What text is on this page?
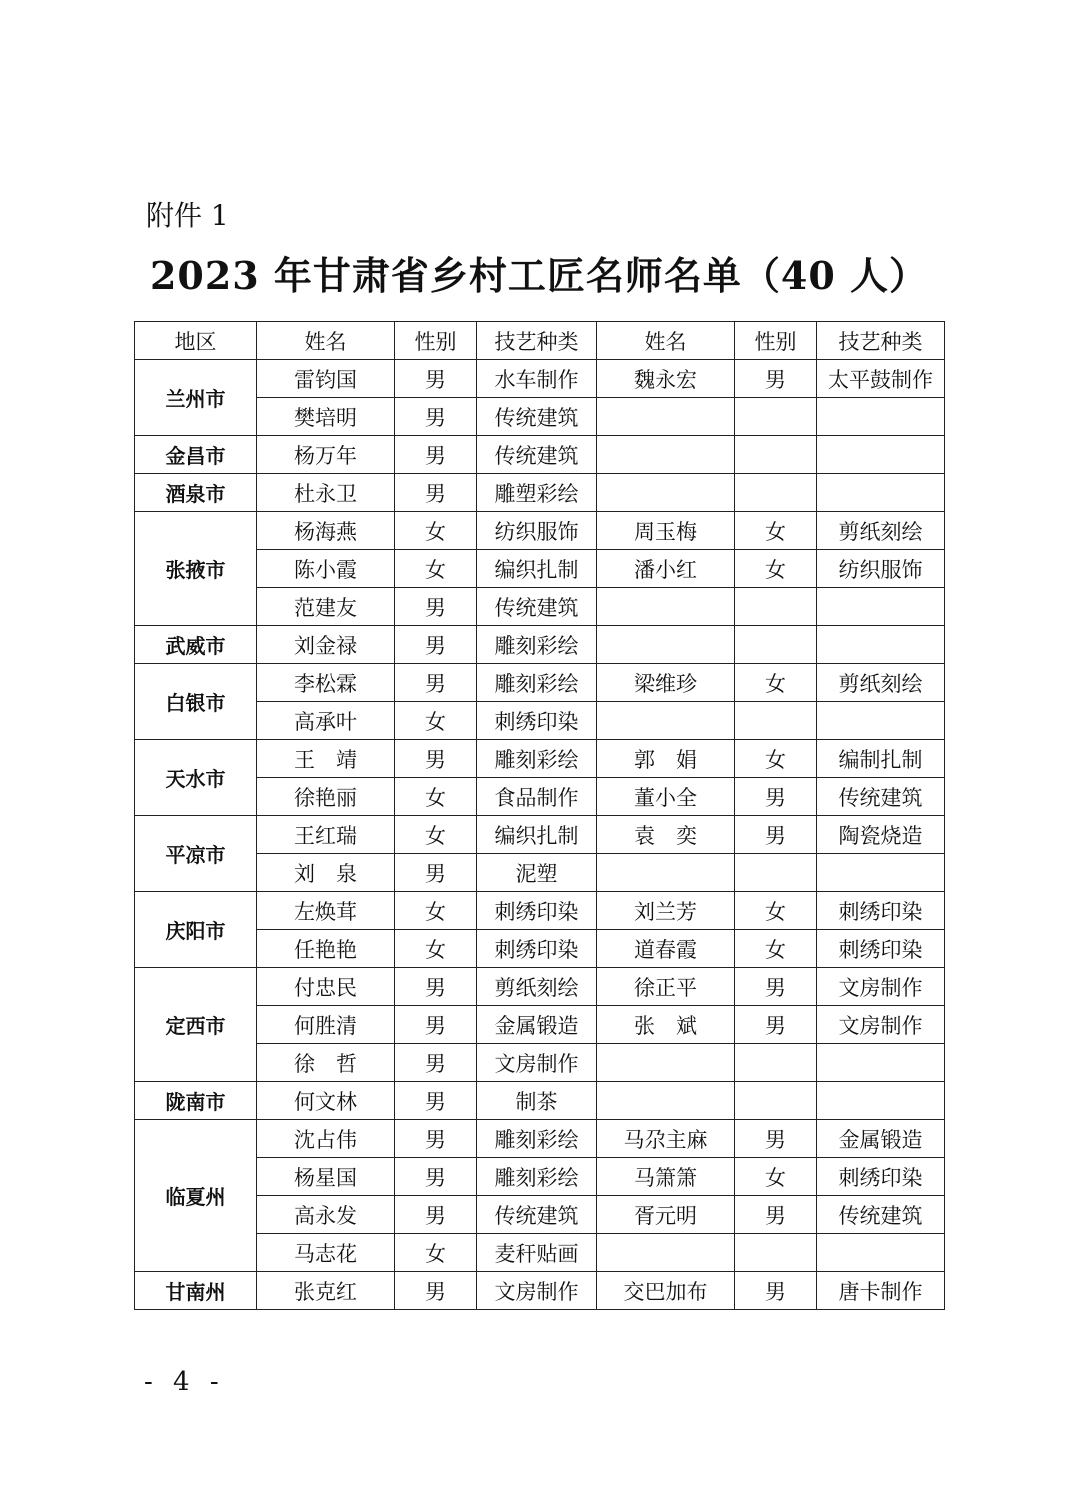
附件 1
2023 年甘肃省乡村工匠名师名单（40 人）
地区	姓名	性别	技艺种类	姓名	性别	技艺种类
兰州市	雷钧国	男	水车制作	魏永宏	男	太平鼓制作
	樊培明	男	传统建筑			
金昌市	杨万年	男	传统建筑			
酒泉市	杜永卫	男	雕塑彩绘			
张掖市	杨海燕	女	纺织服饰	周玉梅	女	剪纸刻绘
	陈小霞	女	编织扎制	潘小红	女	纺织服饰
	范建友	男	传统建筑			
武威市	刘金禄	男	雕刻彩绘			
白银市	李松霖	男	雕刻彩绘	梁维珍	女	剪纸刻绘
	高承叶	女	刺绣印染			
天水市	王　靖	男	雕刻彩绘	郭　娟	女	编制扎制
	徐艳丽	女	食品制作	董小全	男	传统建筑
平凉市	王红瑞	女	编织扎制	袁　奕	男	陶瓷烧造
	刘　泉	男	泥塑			
庆阳市	左焕茸	女	刺绣印染	刘兰芳	女	刺绣印染
	任艳艳	女	刺绣印染	道春霞	女	刺绣印染
定西市	付忠民	男	剪纸刻绘	徐正平	男	文房制作
	何胜清	男	金属锻造	张　斌	男	文房制作
	徐　哲	男	文房制作			
陇南市	何文林	男	制茶			
临夏州	沈占伟	男	雕刻彩绘	马尕主麻	男	金属锻造
	杨星国	男	雕刻彩绘	马箫箫	女	刺绣印染
	高永发	男	传统建筑	胥元明	男	传统建筑
	马志花	女	麦秆贴画			
甘南州	张克红	男	文房制作	交巴加布	男	唐卡制作
- 4 -
